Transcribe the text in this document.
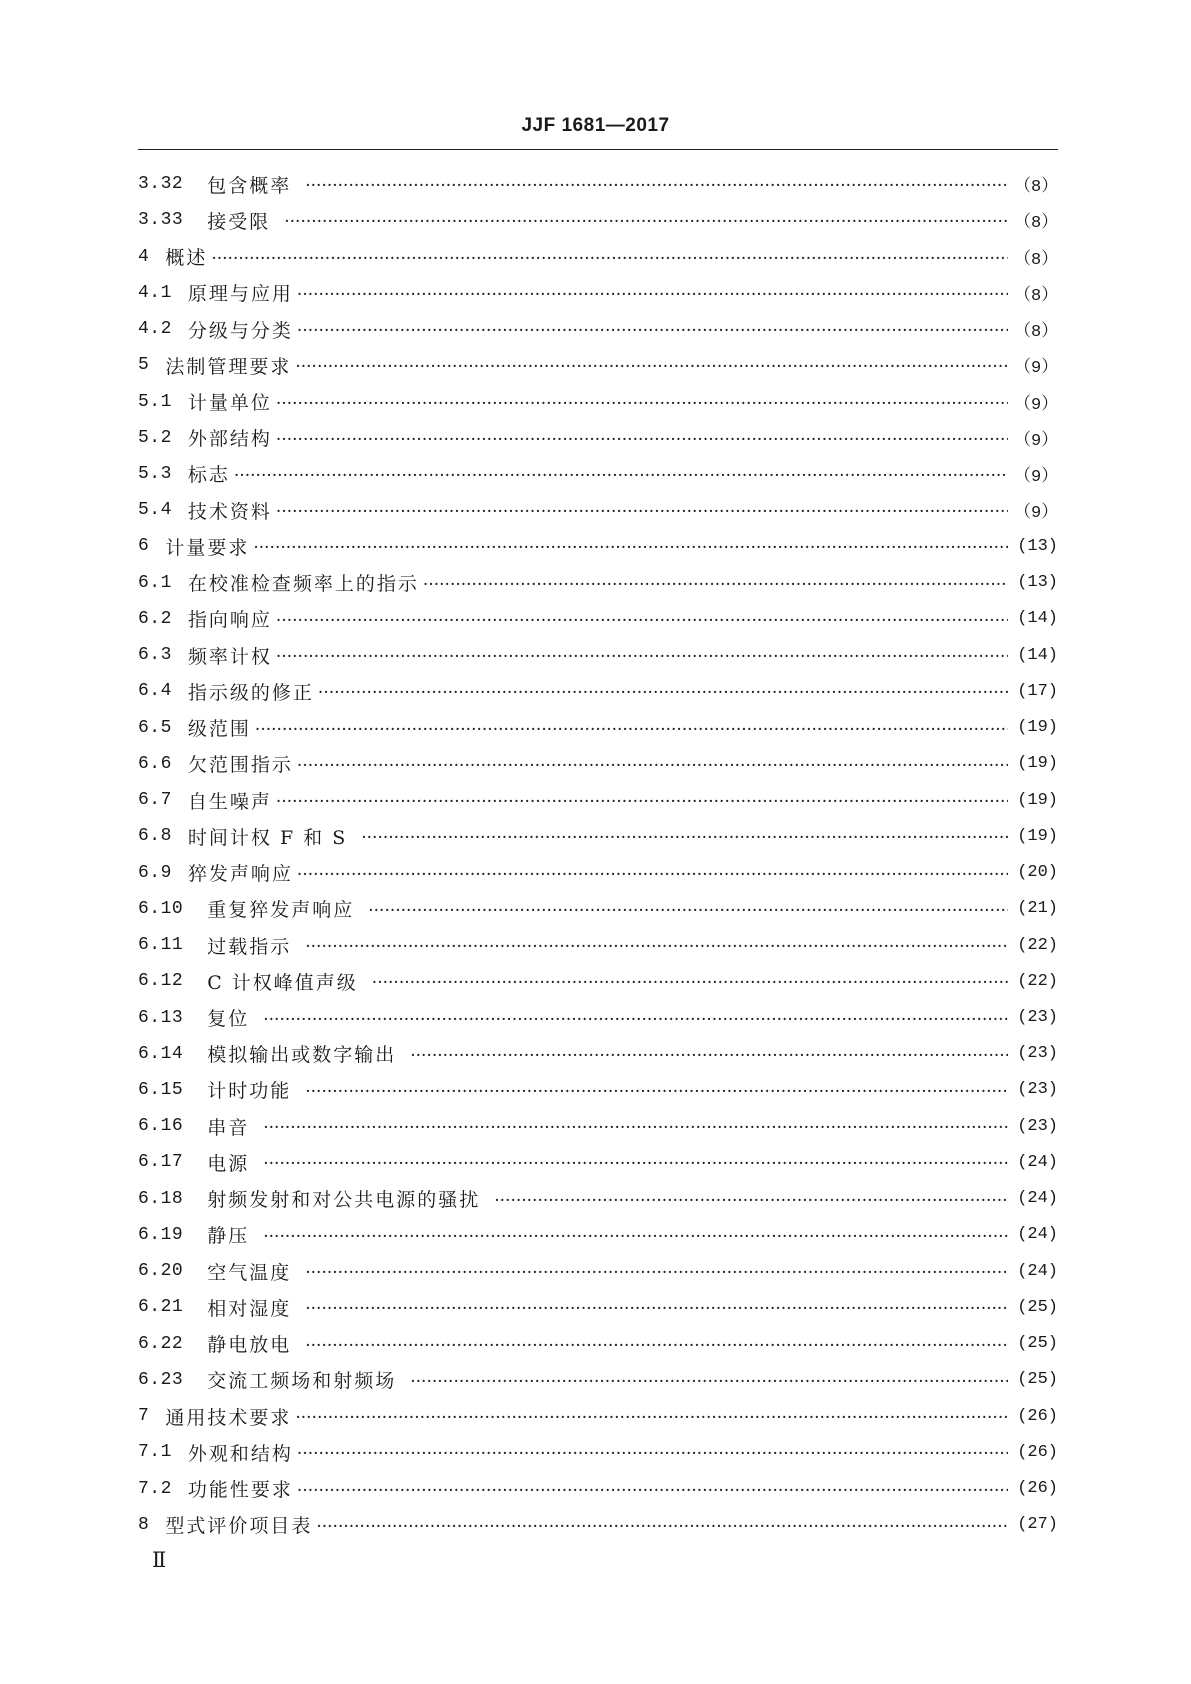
JJF 1681—2017
3.32 包含概率 ·····	（8）
3.33 接受限 ·····	（8）
4 概述 ·····	（8）
4.1 原理与应用 ·····	（8）
4.2 分级与分类 ·····	（8）
5 法制管理要求 ·····	（9）
5.1 计量单位 ·····	（9）
5.2 外部结构 ·····	（9）
5.3 标志 ·····	（9）
5.4 技术资料 ·····	（9）
6 计量要求 ·····	(13)
6.1 在校准检查频率上的指示 ·····	(13)
6.2 指向响应 ·····	(14)
6.3 频率计权 ·····	(14)
6.4 指示级的修正 ·····	(17)
6.5 级范围 ·····	(19)
6.6 欠范围指示 ·····	(19)
6.7 自生噪声 ·····	(19)
6.8 时间计权 F 和 S ·····	(19)
6.9 猝发声响应 ·····	(20)
6.10 重复猝发声响应 ·····	(21)
6.11 过载指示 ·····	(22)
6.12 C 计权峰值声级 ·····	(22)
6.13 复位 ·····	(23)
6.14 模拟输出或数字输出 ·····	(23)
6.15 计时功能 ·····	(23)
6.16 串音 ·····	(23)
6.17 电源 ·····	(24)
6.18 射频发射和对公共电源的骚扰 ·····	(24)
6.19 静压 ·····	(24)
6.20 空气温度 ·····	(24)
6.21 相对湿度 ·····	(25)
6.22 静电放电 ·····	(25)
6.23 交流工频场和射频场 ·····	(25)
7 通用技术要求 ·····	(26)
7.1 外观和结构 ·····	(26)
7.2 功能性要求 ·····	(26)
8 型式评价项目表 ·····	(27)
Ⅱ
